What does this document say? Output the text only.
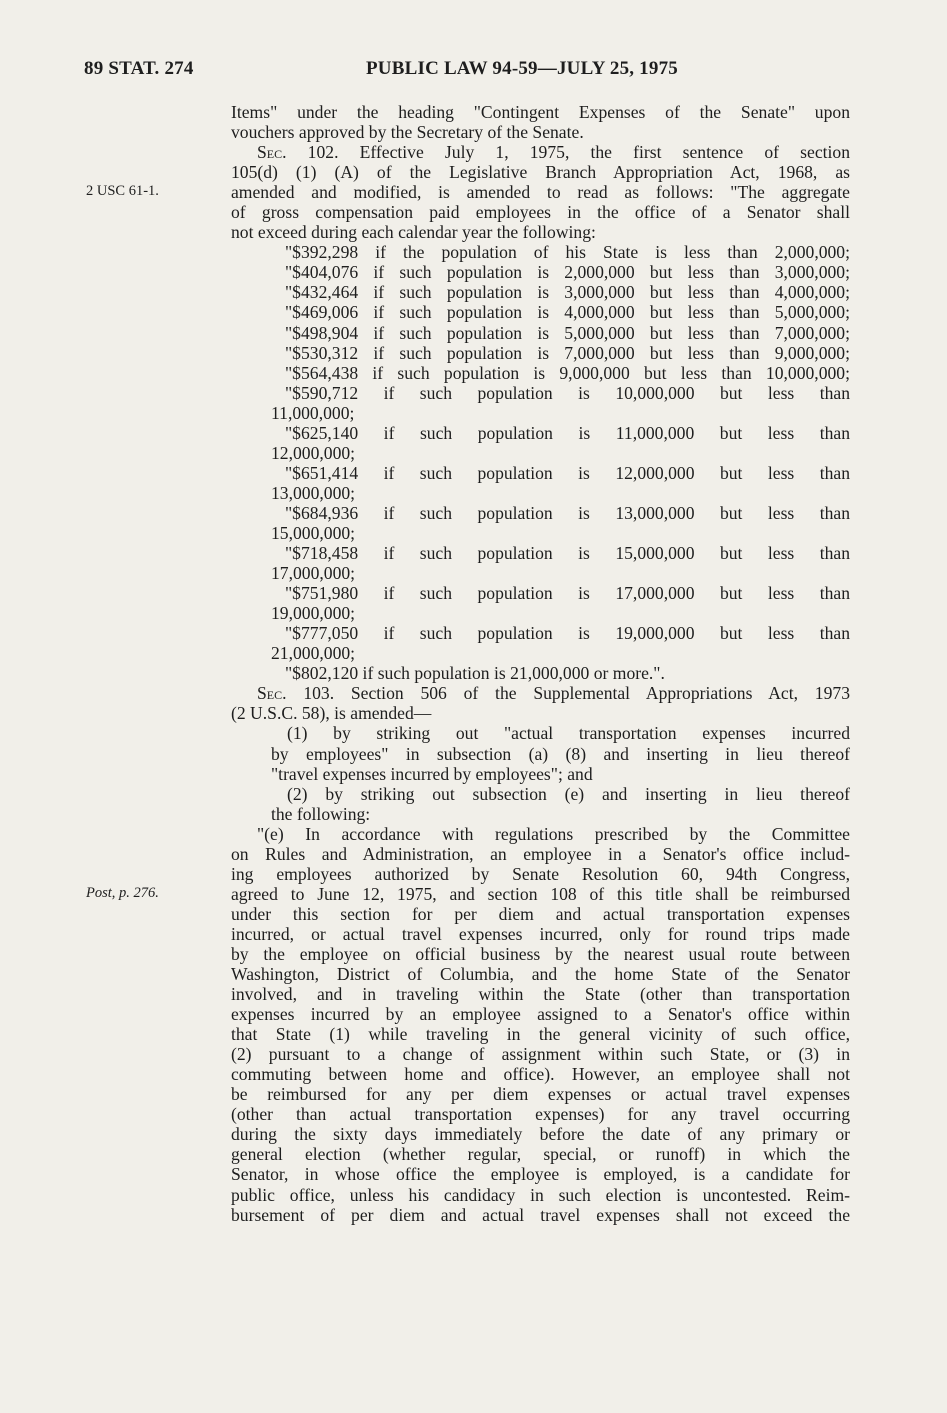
89 STAT. 274	PUBLIC LAW 94-59—JULY 25, 1975
2 USC 61-1.
Post, p. 276.
Items" under the heading "Contingent Expenses of the Senate" upon
vouchers approved by the Secretary of the Senate.
Sec. 102. Effective July 1, 1975, the first sentence of section
105(d) (1) (A) of the Legislative Branch Appropriation Act, 1968, as
amended and modified, is amended to read as follows: "The aggregate
of gross compensation paid employees in the office of a Senator shall
not exceed during each calendar year the following:
"$392,298 if the population of his State is less than 2,000,000;
"$404,076 if such population is 2,000,000 but less than 3,000,000;
"$432,464 if such population is 3,000,000 but less than 4,000,000;
"$469,006 if such population is 4,000,000 but less than 5,000,000;
"$498,904 if such population is 5,000,000 but less than 7,000,000;
"$530,312 if such population is 7,000,000 but less than 9,000,000;
"$564,438 if such population is 9,000,000 but less than 10,000,000;
"$590,712 if such population is 10,000,000 but less than
11,000,000;
"$625,140 if such population is 11,000,000 but less than
12,000,000;
"$651,414 if such population is 12,000,000 but less than
13,000,000;
"$684,936 if such population is 13,000,000 but less than
15,000,000;
"$718,458 if such population is 15,000,000 but less than
17,000,000;
"$751,980 if such population is 17,000,000 but less than
19,000,000;
"$777,050 if such population is 19,000,000 but less than
21,000,000;
"$802,120 if such population is 21,000,000 or more.".
Sec. 103. Section 506 of the Supplemental Appropriations Act, 1973
(2 U.S.C. 58), is amended—
(1) by striking out "actual transportation expenses incurred
by employees" in subsection (a) (8) and inserting in lieu thereof
"travel expenses incurred by employees"; and
(2) by striking out subsection (e) and inserting in lieu thereof
the following:
"(e) In accordance with regulations prescribed by the Committee
on Rules and Administration, an employee in a Senator's office includ-
ing employees authorized by Senate Resolution 60, 94th Congress,
agreed to June 12, 1975, and section 108 of this title shall be reimbursed
under this section for per diem and actual transportation expenses
incurred, or actual travel expenses incurred, only for round trips made
by the employee on official business by the nearest usual route between
Washington, District of Columbia, and the home State of the Senator
involved, and in traveling within the State (other than transportation
expenses incurred by an employee assigned to a Senator's office within
that State (1) while traveling in the general vicinity of such office,
(2) pursuant to a change of assignment within such State, or (3) in
commuting between home and office). However, an employee shall not
be reimbursed for any per diem expenses or actual travel expenses
(other than actual transportation expenses) for any travel occurring
during the sixty days immediately before the date of any primary or
general election (whether regular, special, or runoff) in which the
Senator, in whose office the employee is employed, is a candidate for
public office, unless his candidacy in such election is uncontested. Reim-
bursement of per diem and actual travel expenses shall not exceed the
